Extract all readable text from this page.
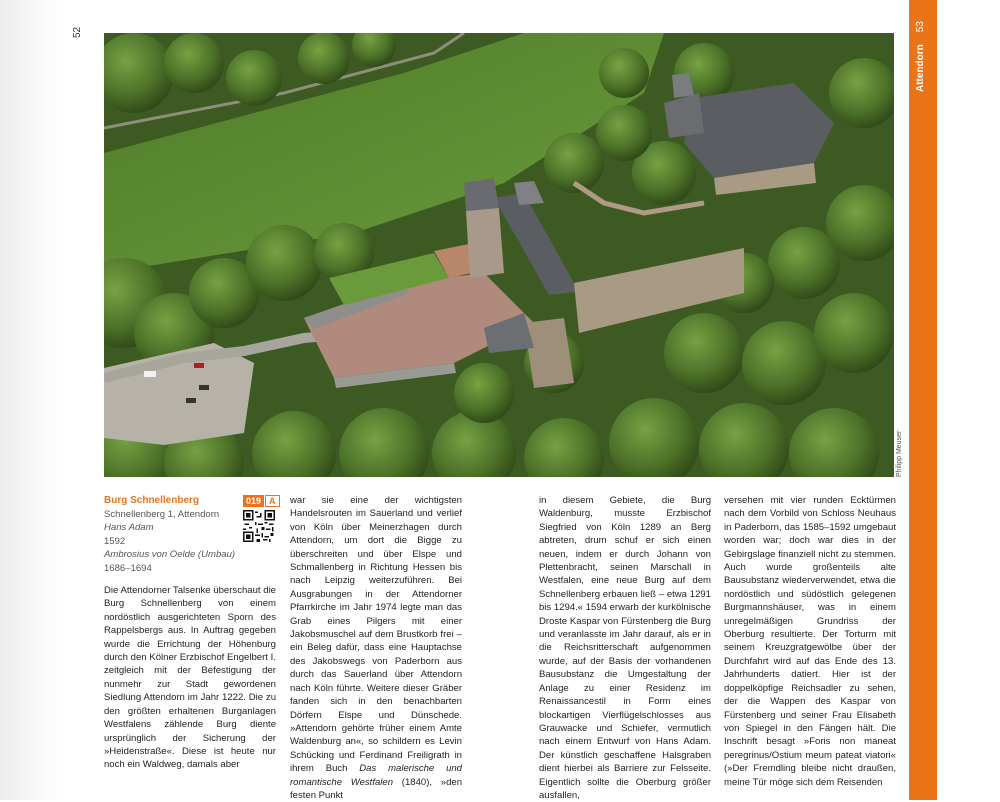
52
Philipp Meuser
Attendorn53
Burg Schnellenberg	019 A

Schnellenberg 1, Attendorn

Hans Adam

1592

Ambrosius von Oelde (Umbau)

1686–1694

Die Attendorner Talsenke überschaut die Burg Schnellenberg von einem nordöstlich ausgerichteten Sporn des Rappelsbergs aus. In Auftrag gegeben wurde die Errichtung der Höhenburg durch den Kölner Erzbischof Engelbert I. zeitgleich mit der Befestigung der nunmehr zur Stadt gewordenen Siedlung Attendorn im Jahr 1222. Die zu den größten erhaltenen Burganlagen Westfalens zählende Burg diente ursprünglich der Sicherung der »Heidenstraße«. Diese ist heute nur noch ein Waldweg, damals aber

war sie eine der wichtigsten Handelsrouten im Sauerland und verlief von Köln über Meinerzhagen durch Attendorn, um dort die Bigge zu überschreiten und über Elspe und Schmallenberg in Richtung Hessen bis nach Leipzig weiterzuführen. Bei Ausgrabungen in der Attendorner Pfarrkirche im Jahr 1974 legte man das Grab eines Pilgers mit einer Jakobsmuschel auf dem Brustkorb frei – ein Beleg dafür, dass eine Hauptachse des Jakobswegs von Paderborn aus durch das Sauerland über Attendorn nach Köln führte. Weitere dieser Gräber fanden sich in den benachbarten Dörfern Elspe und Dünschede. »Attendorn gehörte früher einem Amte Waldenburg an«, so schildern es Levin Schücking und Ferdinand Freiligrath in ihrem Buch Das malerische und romantische Westfalen (1840), »den festen Punkt

in diesem Gebiete, die Burg Waldenburg, musste Erzbischof Siegfried von Köln 1289 an Berg abtreten, drum schuf er sich einen neuen, indem er durch Johann von Plettenbracht, seinen Marschall in Westfalen, eine neue Burg auf dem Schnellenberg erbauen ließ – etwa 1291 bis 1294.« 1594 erwarb der kurkölnische Droste Kaspar von Fürstenberg die Burg und veranlasste im Jahr darauf, als er in die Reichsritterschaft aufgenommen wurde, auf der Basis der vorhandenen Bausubstanz die Umgestaltung der Anlage zu einer Residenz im Renaissancestil in Form eines blockartigen Vierflügelschlosses aus Grauwacke und Schiefer, vermutlich nach einem Entwurf von Hans Adam. Der künstlich geschaffene Halsgraben dient hierbei als Barriere zur Felsseite. Eigentlich sollte die Oberburg größer ausfallen,

versehen mit vier runden Ecktürmen nach dem Vorbild von Schloss Neuhaus in Paderborn, das 1585–1592 umgebaut worden war; doch war dies in der Gebirgslage finanziell nicht zu stemmen. Auch wurde großenteils alte Bausubstanz wiederverwendet, etwa die nordöstlich und südöstlich gelegenen Burgmannshäuser, was in einem unregelmäßigen Grundriss der Oberburg resultierte. Der Torturm mit seinem Kreuzgratgewölbe über der Durchfahrt wird auf das Ende des 13. Jahrhunderts datiert. Hier ist der doppelköpfige Reichsadler zu sehen, der die Wappen des Kaspar von Fürstenberg und seiner Frau Elisabeth von Spiegel in den Fängen hält. Die Inschrift besagt »Foris non maneat peregrinus/Ostium meum pateat viatori« (»Der Fremdling bleibe nicht draußen, meine Tür möge sich dem Reisenden
